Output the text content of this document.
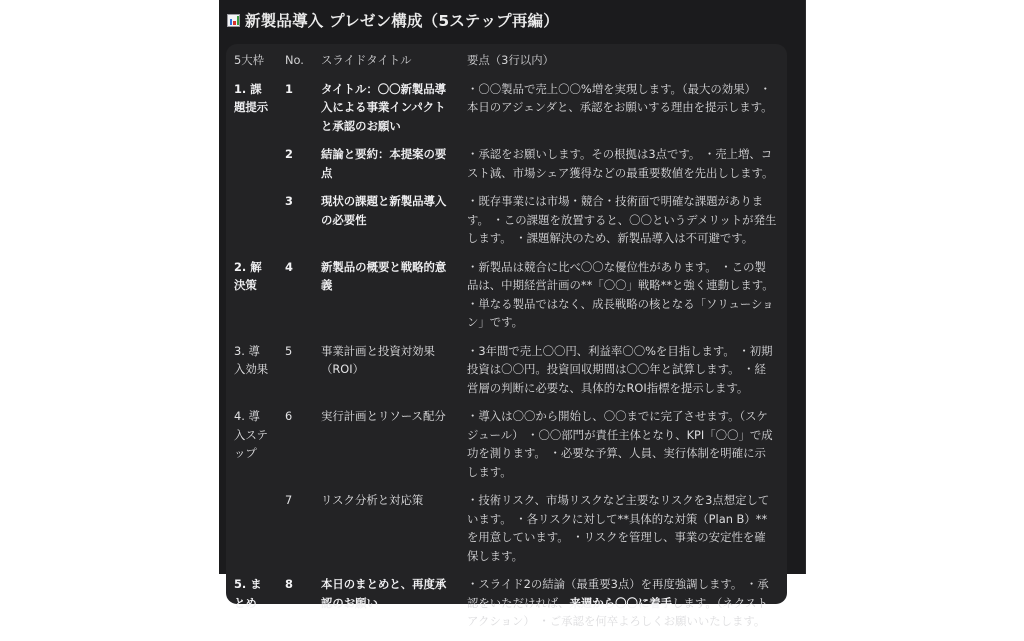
新製品導入 プレゼン構成（5ステップ再編）
5大枠	No.	スライドタイトル	要点（3行以内）
1. 課題提示	1	タイトル：〇〇新製品導入による事業インパクトと承認のお願い	・〇〇製品で売上〇〇%増を実現します。（最大の効果） ・本日のアジェンダと、承認をお願いする理由を提示します。
	2	結論と要約：本提案の要点	・承認をお願いします。その根拠は3点です。 ・売上増、コスト減、市場シェア獲得などの最重要数値を先出しします。
	3	現状の課題と新製品導入の必要性	・既存事業には市場・競合・技術面で明確な課題があります。 ・この課題を放置すると、〇〇というデメリットが発生します。 ・課題解決のため、新製品導入は不可避です。
2. 解決策	4	新製品の概要と戦略的意義	・新製品は競合に比べ〇〇な優位性があります。 ・この製品は、中期経営計画の**「〇〇」戦略**と強く連動します。 ・単なる製品ではなく、成長戦略の核となる「ソリューション」です。
3. 導入効果	5	事業計画と投資対効果（ROI）	・3年間で売上〇〇円、利益率〇〇%を目指します。 ・初期投資は〇〇円。投資回収期間は〇〇年と試算します。 ・経営層の判断に必要な、具体的なROI指標を提示します。
4. 導入ステップ	6	実行計画とリソース配分	・導入は〇〇から開始し、〇〇までに完了させます。（スケジュール） ・〇〇部門が責任主体となり、KPI「〇〇」で成功を測ります。 ・必要な予算、人員、実行体制を明確に示します。
	7	リスク分析と対応策	・技術リスク、市場リスクなど主要なリスクを3点想定しています。 ・各リスクに対して**具体的な対策（Plan B）**を用意しています。 ・リスクを管理し、事業の安定性を確保します。
5. まとめ	8	本日のまとめと、再度承認のお願い	・スライド2の結論（最重要3点）を再度強調します。 ・承認をいただければ、来週から〇〇に着手します。（ネクストアクション） ・ご承認を何卒よろしくお願いいたします。
